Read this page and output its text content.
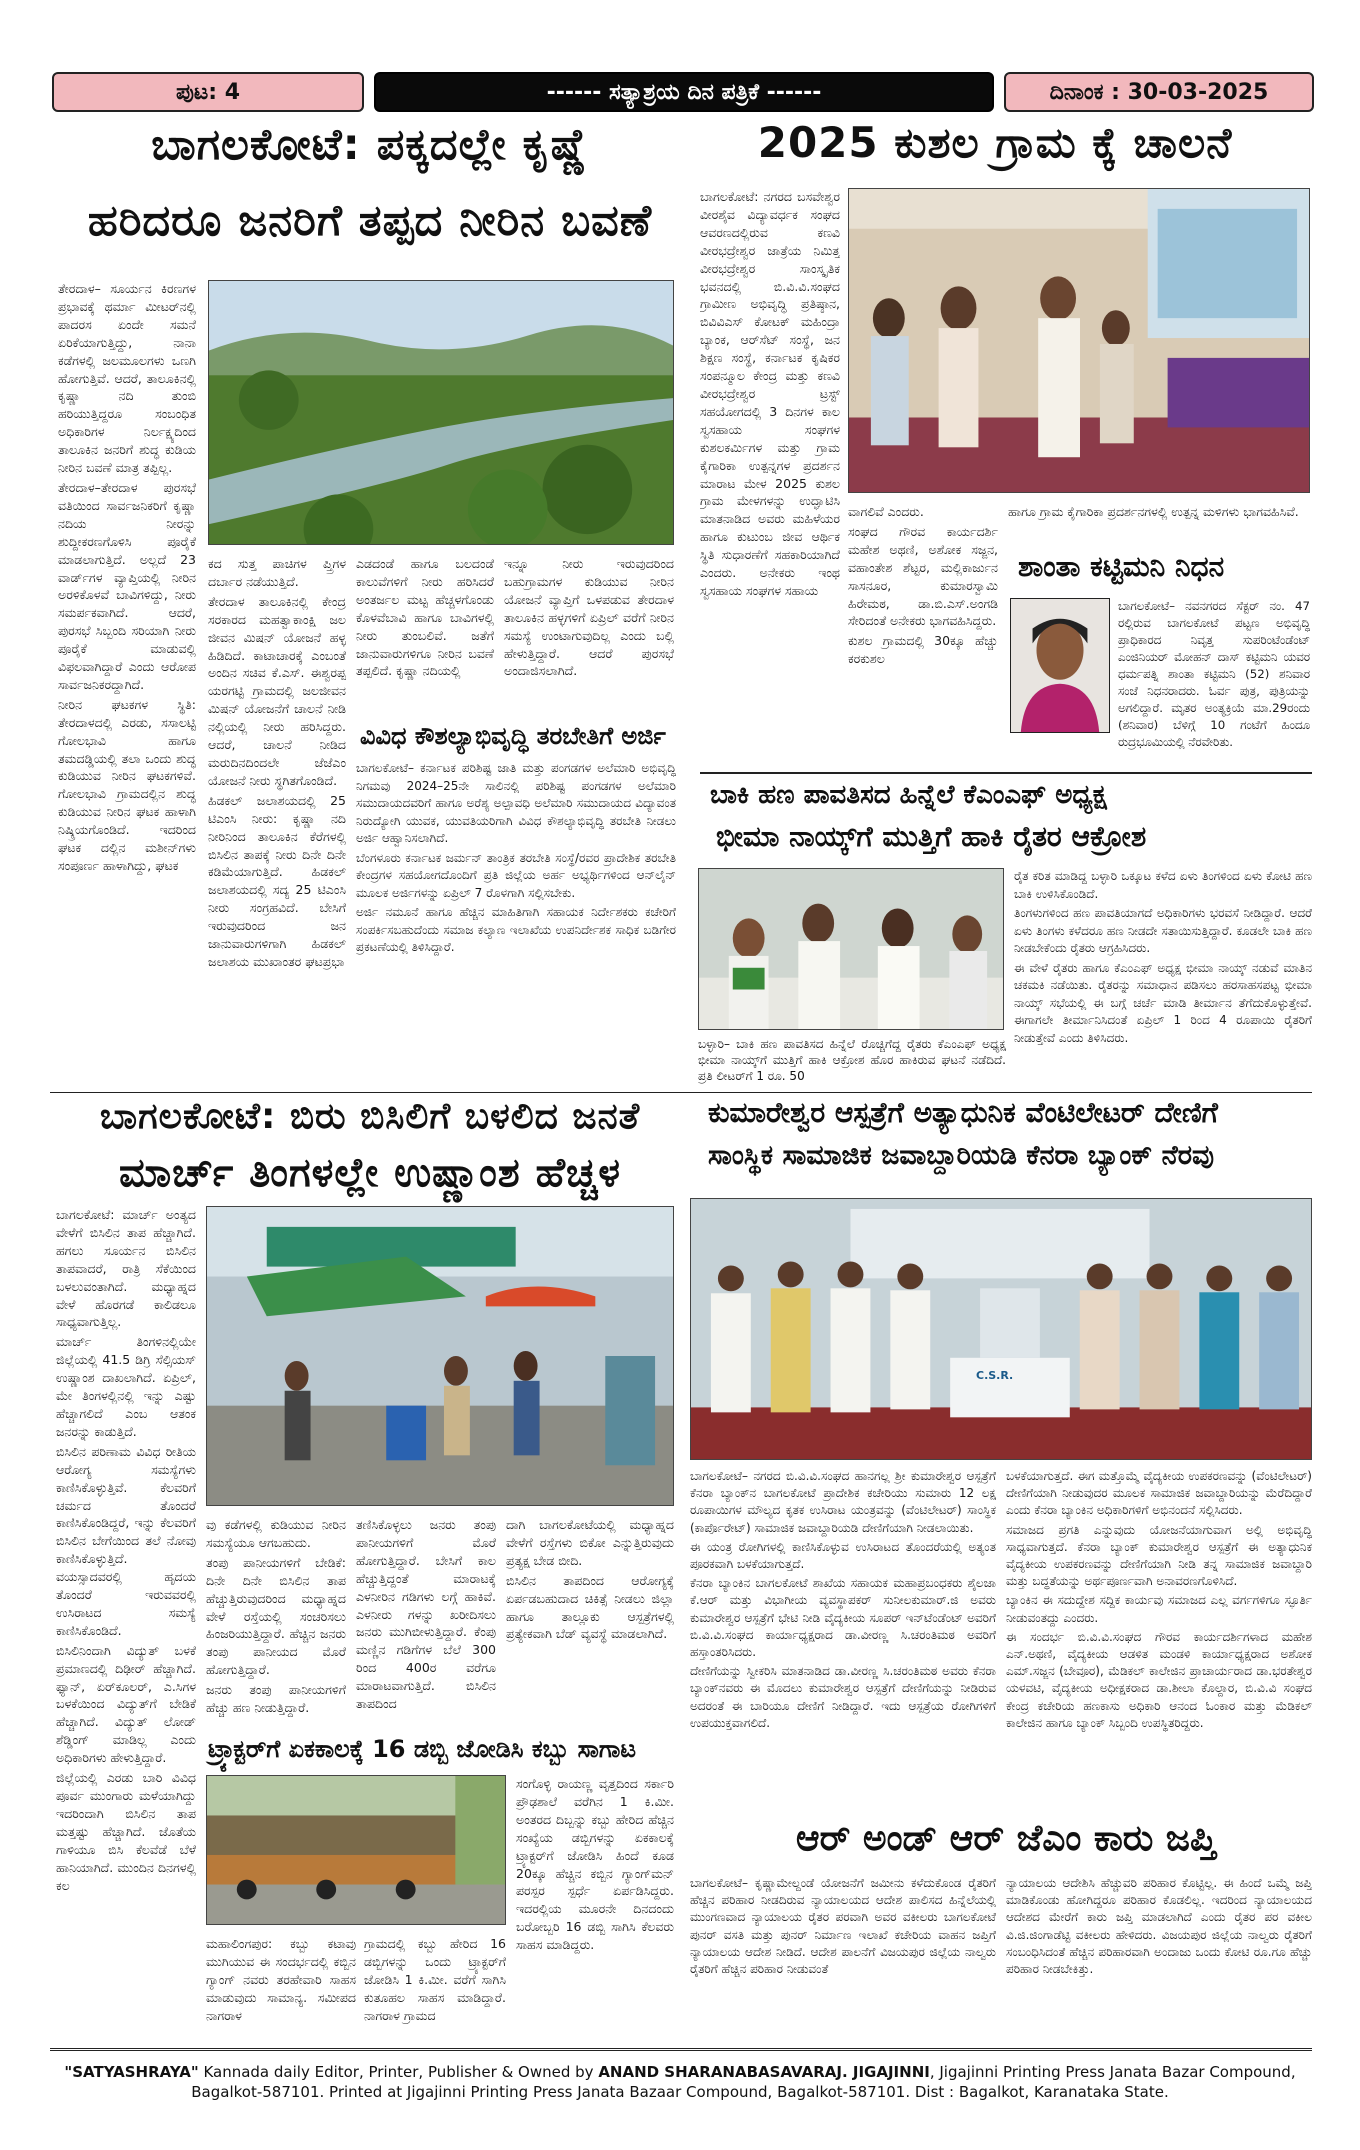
ಪುಟ: 4	------ ಸತ್ಯಾಶ್ರಯ ದಿನ ಪತ್ರಿಕೆ ------	ದಿನಾಂಕ : 30-03-2025
ಬಾಗಲಕೋಟೆ: ಪಕ್ಕದಲ್ಲೇ ಕೃಷ್ಣೆ
ಹರಿದರೂ ಜನರಿಗೆ ತಪ್ಪದ ನೀರಿನ ಬವಣೆ

ತೇರದಾಳ– ಸೂರ್ಯನ ಕಿರಣಗಳ ಪ್ರಭಾವಕ್ಕೆ ಥರ್ಮಾ ಮೀಟರ್‌ನಲ್ಲಿ ಪಾದರಸ ಏಂದೇ ಸಮನೆ ಏರಿಕೆಯಾಗುತ್ತಿದ್ದು, ನಾನಾ ಕಡೆಗಳಲ್ಲಿ ಜಲಮೂಲಗಳು ಒಣಗಿ ಹೋಗುತ್ತಿವೆ. ಆದರೆ, ತಾಲೂಕಿನಲ್ಲಿ ಕೃಷ್ಣಾ ನದಿ ತುಂಬಿ ಹರಿಯುತ್ತಿದ್ದರೂ ಸಂಬಂಧಿತ ಅಧಿಕಾರಿಗಳ ನಿರ್ಲಕ್ಷ್ಯದಿಂದ ತಾಲೂಕಿನ ಜನರಿಗೆ ಶುದ್ಧ ಕುಡಿಯ ನೀರಿನ ಬವಣೆ ಮಾತ್ರ ತಪ್ಪಿಲ್ಲ.

ತೇರದಾಳ–ತೇರದಾಳ ಪುರಸಭೆ ವತಿಯಿಂದ ಸಾರ್ವಜನಿಕರಿಗೆ ಕೃಷ್ಣಾ ನದಿಯ ನೀರನ್ನು ಶುದ್ದೀಕರಣಗೊಳಿಸಿ ಪೂರೈಕೆ ಮಾಡಲಾಗುತ್ತಿದೆ. ಅಲ್ಲದೆ 23 ವಾರ್ಡ್‌ಗಳ ವ್ಯಾಪ್ತಿಯಲ್ಲಿ ನೀರಿನ ಅರಳಿಕೊಳವೆ ಬಾವಿಗಳಿದ್ದು, ನೀರು ಸಮರ್ಪಕವಾಗಿದೆ. ಆದರೆ, ಪುರಸಭೆ ಸಿಬ್ಬಂದಿ ಸರಿಯಾಗಿ ನೀರು ಪೂರೈಕೆ ಮಾಡುವಲ್ಲಿ ವಿಫಲವಾಗಿದ್ದಾರೆ ಎಂದು ಆರೋಪ ಸಾರ್ವಜನಿಕರದ್ದಾಗಿದೆ.

ನೀರಿನ ಘಟಕಗಳ ಸ್ಥಿತಿ: ತೇರದಾಳದಲ್ಲಿ ಎರಡು, ಸಸಾಲಟ್ಟಿ ಗೋಲಭಾವಿ ಹಾಗೂ ತಮದಡ್ಡಿಯಲ್ಲಿ ತಲಾ ಒಂದು ಶುದ್ಧ ಕುಡಿಯುವ ನೀರಿನ ಘಟಕಗಳಿವೆ. ಗೋಲಭಾವಿ ಗ್ರಾಮದಲ್ಲಿನ ಶುದ್ಧ ಕುಡಿಯುವ ನೀರಿನ ಘಟಕ ಹಾಳಾಗಿ ನಿಷ್ಕ್ರಿಯಗೊಂಡಿದೆ. ಇದರಿಂದ ಘಟಕ ದಲ್ಲಿನ ಮಶೀನ್‌ಗಳು ಸಂಪೂರ್ಣ ಹಾಳಾಗಿದ್ದು, ಘಟಕ

ಕದ ಸುತ್ತ ಪಾಚಿಗಳ ಪ್ತ್ರಿಗಳ ದರ್ಬಾರ ನಡೆಯುತ್ತಿದೆ.

ತೇರದಾಳ ತಾಲೂಕಿನಲ್ಲಿ ಕೇಂದ್ರ ಸರಕಾರದ ಮಹತ್ವಾಕಾಂಕ್ಷಿ ಜಲ ಜೀವನ ಮಿಷನ್ ಯೋಜನೆ ಹಳ್ಳ ಹಿಡಿದಿದೆ. ಕಾಟಾಚಾರಕ್ಕೆ ಎಂಬಂತೆ ಅಂದಿನ ಸಚಿವ ಕೆ.ಎಸ್. ಈಶ್ವರಪ್ಪ ಯರಗಟ್ಟಿ ಗ್ರಾಮದಲ್ಲಿ ಜಲಜೀವನ ಮಿಷನ್ ಯೋಜನೆಗೆ ಚಾಲನೆ ನೀಡಿ ನಲ್ಲಿಯಲ್ಲಿ ನೀರು ಹರಿಸಿದ್ದರು. ಆದರೆ, ಚಾಲನೆ ನೀಡಿದ ಮರುದಿನದಿಂದಲೇ ಜೆಜೆಎಂ ಯೋಜನೆ ನೀರು ಸ್ಥಗಿತಗೊಂಡಿದೆ.

ಹಿಡಕಲ್ ಜಲಾಶಯದಲ್ಲಿ 25 ಟಿಎಂಸಿ ನೀರು: ಕೃಷ್ಣಾ ನದಿ ನೀರಿನಿಂದ ತಾಲೂಕಿನ ಕೆರೆಗಳಲ್ಲಿ ಬಿಸಿಲಿನ ತಾಪಕ್ಕೆ ನೀರು ದಿನೇ ದಿನೇ ಕಡಿಮೆಯಾಗುತ್ತಿದೆ. ಹಿಡಕಲ್ ಜಲಾಶಯದಲ್ಲಿ ಸದ್ಯ 25 ಟಿಎಂಸಿ ನೀರು ಸಂಗ್ರಹವಿದೆ. ಬೇಸಿಗೆ ಇರುವುದರಿಂದ ಜನ ಜಾನುವಾರುಗಳಿಗಾಗಿ ಹಿಡಕಲ್ ಜಲಾಶಯ ಮುಖಾಂತರ ಘಟಪ್ರಭಾ

ಎಡದಂಡೆ ಹಾಗೂ ಬಲದಂಡೆ ಕಾಲುವೆಗಳಿಗೆ ನೀರು ಹರಿಸಿದರೆ ಅಂತರ್ಜಲ ಮಟ್ಟ ಹೆಚ್ಚಳಗೊಂಡು ಕೊಳವೆಬಾವಿ ಹಾಗೂ ಬಾವಿಗಳಲ್ಲಿ ನೀರು ತುಂಬಲಿವೆ. ಜತೆಗೆ ಜಾನುವಾರುಗಳಿಗೂ ನೀರಿನ ಬವಣೆ ತಪ್ಪಲಿದೆ. ಕೃಷ್ಣಾ ನದಿಯಲ್ಲಿ

ಇನ್ನೂ ನೀರು ಇರುವುದರಿಂದ ಬಹುಗ್ರಾಮಗಳ ಕುಡಿಯುವ ನೀರಿನ ಯೋಜನೆ ವ್ಯಾಪ್ತಿಗೆ ಒಳಪಡುವ ತೇರದಾಳ ತಾಲೂಕಿನ ಹಳ್ಳಗಳಿಗೆ ಏಪ್ರಿಲ್ ವರೆಗೆ ನೀರಿನ ಸಮಸ್ಯೆ ಉಂಟಾಗುವುದಿಲ್ಲ ಎಂದು ಬಲ್ಲಿ ಹೇಳುತ್ತಿದ್ದಾರೆ. ಆದರೆ ಪುರಸಭೆ ಅಂದಾಜಿಸಲಾಗಿದೆ.

ವಿವಿಧ ಕೌಶಲ್ಯಾಭಿವೃದ್ಧಿ ತರಬೇತಿಗೆ ಅರ್ಜಿ

ಬಾಗಲಕೋಟೆ– ಕರ್ನಾಟಕ ಪರಿಶಿಷ್ಟ ಜಾತಿ ಮತ್ತು ಪಂಗಡಗಳ ಅಲೆಮಾರಿ ಅಭಿವೃದ್ಧಿ ನಿಗಮವು 2024–25ನೇ ಸಾಲಿನಲ್ಲಿ ಪರಿಶಿಷ್ಟ ಪಂಗಡಗಳ ಅಲೆಮಾರಿ ಸಮುದಾಯದವರಿಗೆ ಹಾಗೂ ಅರೆಶ್ಯ ಅಲ್ಪಾವಧಿ ಅಲೆಮಾರಿ ಸಮುದಾಯದ ವಿದ್ಯಾವಂತ ನಿರುದ್ಯೋಗಿ ಯುವಕ, ಯುವತಿಯರಿಗಾಗಿ ವಿವಿಧ ಕೌಶಲ್ಯಾಭಿವೃದ್ಧಿ ತರಬೇತಿ ನೀಡಲು ಅರ್ಜಿ ಆಹ್ವಾನಿಸಲಾಗಿದೆ.

ಬೆಂಗಳೂರು ಕರ್ನಾಟಕ ಜರ್ಮನ್ ತಾಂತ್ರಿಕ ತರಬೇತಿ ಸಂಸ್ಥೆ/ರವರ ಪ್ರಾದೇಶಿಕ ತರಬೇತಿ ಕೇಂದ್ರಗಳ ಸಹಯೋಗದೊಂದಿಗೆ ಪ್ರತಿ ಜಿಲ್ಲೆಯ ಅರ್ಹ ಅಭ್ಯರ್ಥಿಗಳಿಂದ ಆನ್‌ಲೈನ್ ಮೂಲಕ ಅರ್ಜಿಗಳನ್ನು ಏಪ್ರಿಲ್ 7 ರೊಳಗಾಗಿ ಸಲ್ಲಿಸಬೇಕು.

ಅರ್ಜಿ ನಮೂನೆ ಹಾಗೂ ಹೆಚ್ಚಿನ ಮಾಹಿತಿಗಾಗಿ ಸಹಾಯಕ ನಿರ್ದೇಶಕರು ಕಚೇರಿಗೆ ಸಂಪರ್ಕಿಸಬಹುದೆಂದು ಸಮಾಜ ಕಲ್ಯಾಣ ಇಲಾಖೆಯ ಉಪನಿರ್ದೇಶಕ ಸಾಧಿಕ ಬಡಿಗೇರ ಪ್ರಕಟಣೆಯಲ್ಲಿ ತಿಳಿಸಿದ್ದಾರೆ.

2025 ಕುಶಲ ಗ್ರಾಮ ಕ್ಕೆ ಚಾಲನೆ

ಬಾಗಲಕೋಟೆ: ನಗರದ ಬಸವೇಶ್ವರ ವೀರಶೈವ ವಿದ್ಯಾವರ್ಧಕ ಸಂಘದ ಆವರಣದಲ್ಲಿರುವ ಕಣವಿ ವೀರಭದ್ರೇಶ್ವರ ಜಾತ್ರೆಯ ನಿಮಿತ್ತ ವೀರಭದ್ರೇಶ್ವರ ಸಾಂಸ್ಕೃತಿಕ ಭವನದಲ್ಲಿ ಬಿ.ವಿ.ವಿ.ಸಂಘದ ಗ್ರಾಮೀಣ ಅಭಿವೃದ್ಧಿ ಪ್ರತಿಷ್ಠಾನ, ಬಿವಿವಿಎಸ್ ಕೋಟಕ್ ಮಹಿಂದ್ರಾ ಬ್ಯಾಂಕ, ಆರ್‌ಸೆಟ್ ಸಂಸ್ಥೆ, ಜನ ಶಿಕ್ಷಣ ಸಂಸ್ಥೆ, ಕರ್ನಾಟಕ ಕೃಷಿಕರ ಸಂಪನ್ಮೂಲ ಕೇಂದ್ರ ಮತ್ತು ಕಣವಿ ವೀರಭದ್ರೇಶ್ವರ ಟ್ರಸ್ಟ್ ಸಹಯೋಗದಲ್ಲಿ 3 ದಿನಗಳ ಕಾಲ ಸ್ವಸಹಾಯ ಸಂಘಗಳ ಕುಶಲಕರ್ಮಿಗಳ ಮತ್ತು ಗ್ರಾಮ ಕೈಗಾರಿಕಾ ಉತ್ಪನ್ನಗಳ ಪ್ರದರ್ಶನ ಮಾರಾಟ ಮೇಳ 2025 ಕುಶಲ ಗ್ರಾಮ ಮೇಳಗಳನ್ನು ಉದ್ಘಾಟಿಸಿ ಮಾತನಾಡಿದ ಅವರು ಮಹಿಳೆಯರ ಹಾಗೂ ಕುಟುಂಬ ಜೀವ ಆರ್ಥಿಕ ಸ್ಥಿತಿ ಸುಧಾರಣೆಗೆ ಸಹಕಾರಿಯಾಗಿದೆ ಎಂದರು. ಅನೇಕರು ಇಂಥ ಸ್ವಸಹಾಯ ಸಂಘಗಳ ಸಹಾಯ

ವಾಗಲಿವೆ ಎಂದರು.

ಸಂಘದ ಗೌರವ ಕಾರ್ಯದರ್ಶಿ ಮಹೇಶ ಅಥಣಿ, ಅಶೋಕ ಸಜ್ಜನ, ವಹಾಂತೇಶ ಶೆಟ್ಟರ, ಮಲ್ಲಿಕಾರ್ಜುನ ಸಾಸನೂರ, ಕುಮಾರಸ್ವಾಮಿ ಹಿರೇಮಠ, ಡಾ.ಬಿ.ಎಸ್.ಅಂಗಡಿ ಸೇರಿದಂತೆ ಅನೇಕರು ಭಾಗವಹಿಸಿದ್ದರು.

ಕುಶಲ ಗ್ರಾಮದಲ್ಲಿ 30ಕ್ಕೂ ಹೆಚ್ಚು ಕರಕುಶಲ

ಹಾಗೂ ಗ್ರಾಮ ಕೈಗಾರಿಕಾ ಪ್ರದರ್ಶನಗಳಲ್ಲಿ ಉತ್ಪನ್ನ ಮಳಿಗಳು ಭಾಗವಹಿಸಿವೆ.

ಶಾಂತಾ ಕಟ್ಟಿಮನಿ ನಿಧನ

ಬಾಗಲಕೋಟೆ– ನವನಗರದ ಸೆಕ್ಟರ್ ನಂ. 47 ರಲ್ಲಿರುವ ಬಾಗಲಕೋಟೆ ಪಟ್ಟಣ ಅಭಿವೃದ್ಧಿ ಪ್ರಾಧಿಕಾರದ ನಿವೃತ್ತ ಸುಪರಿಂಟೆಂಡೆಂಟ್ ಎಂಜಿನಿಯರ್ ಮೋಹನ್ ದಾಸ್ ಕಟ್ಟಿಮನಿ ಯವರ ಧರ್ಮಪತ್ನಿ ಶಾಂತಾ ಕಟ್ಟಿಮನಿ (52) ಶನಿವಾರ ಸಂಜೆ ನಿಧನರಾದರು. ಓರ್ವ ಪುತ್ರ, ಪುತ್ರಿಯನ್ನು ಅಗಲಿದ್ದಾರೆ. ಮೃತರ ಅಂತ್ಯಕ್ರಿಯೆ ಮಾ.29ರಂದು (ಶನಿವಾರ) ಬೆಳಿಗ್ಗೆ 10 ಗಂಟೆಗೆ ಹಿಂದೂ ರುದ್ರಭೂಮಿಯಲ್ಲಿ ನೆರವೇರಿತು.

ಬಾಕಿ ಹಣ ಪಾವತಿಸದ ಹಿನ್ನೆಲೆ ಕೆಎಂಎಫ್ ಅಧ್ಯಕ್ಷ
ಭೀಮಾ ನಾಯ್ಕ್‌ಗೆ ಮುತ್ತಿಗೆ ಹಾಕಿ ರೈತರ ಆಕ್ರೋಶ

ರೈತ ಕರಿತ ಮಾಡಿದ್ದ ಬಳ್ಳಾರಿ ಒಕ್ಕೂಟ ಕಳೆದ ಏಳು ತಿಂಗಳಿಂದ ಏಳು ಕೋಟಿ ಹಣ ಬಾಕಿ ಉಳಿಸಿಕೊಂಡಿದೆ.

ತಿಂಗಳುಗಳಿಂದ ಹಣ ಪಾವತಿಯಾಗದೆ ಅಧಿಕಾರಿಗಳು ಭರವಸೆ ನೀಡಿದ್ದಾರೆ. ಆದರೆ ಏಳು ತಿಂಗಳು ಕಳೆದರೂ ಹಣ ನೀಡದೇ ಸತಾಯಿಸುತ್ತಿದ್ದಾರೆ. ಕೂಡಲೇ ಬಾಕಿ ಹಣ ನೀಡಬೇಕೆಂದು ರೈತರು ಆಗ್ರಹಿಸಿದರು.

ಈ ವೇಳೆ ರೈತರು ಹಾಗೂ ಕೆಎಂಎಫ್ ಅಧ್ಯಕ್ಷ ಭೀಮಾ ನಾಯ್ಕ್ ನಡುವೆ ಮಾತಿನ ಚಕಮಕಿ ನಡೆಯಿತು. ರೈತರನ್ನು ಸಮಾಧಾನ ಪಡಿಸಲು ಹರಸಾಹಸಪಟ್ಟ ಭೀಮಾ ನಾಯ್ಕ್ ಸಭೆಯಲ್ಲಿ ಈ ಬಗ್ಗೆ ಚರ್ಚೆ ಮಾಡಿ ತೀರ್ಮಾನ ತೆಗೆದುಕೊಳ್ಳುತ್ತೇವೆ. ಈಗಾಗಲೇ ತೀರ್ಮಾನಿಸಿದಂತೆ ಏಪ್ರಿಲ್ 1 ರಿಂದ 4 ರೂಪಾಯಿ ರೈತರಿಗೆ ನೀಡುತ್ತೇವೆ ಎಂದು ತಿಳಿಸಿದರು.

ಬಳ್ಳಾರಿ– ಬಾಕಿ ಹಣ ಪಾವತಿಸದ ಹಿನ್ನೆಲೆ ರೊಚ್ಚಿಗೆದ್ದ ರೈತರು ಕೆಎಂಎಫ್ ಅಧ್ಯಕ್ಷ ಭೀಮಾ ನಾಯ್ಕ್‌ಗೆ ಮುತ್ತಿಗೆ ಹಾಕಿ ಆಕ್ರೋಶ ಹೊರ ಹಾಕಿರುವ ಘಟನೆ ನಡೆದಿದೆ. ಪ್ರತಿ ಲೀಟರ್‌ಗೆ 1 ರೂ. 50
ಬಾಗಲಕೋಟೆ: ಬಿರು ಬಿಸಿಲಿಗೆ ಬಳಲಿದ ಜನತೆ
ಮಾರ್ಚ್ ತಿಂಗಳಲ್ಲೇ ಉಷ್ಣಾಂಶ ಹೆಚ್ಚಳ

ಬಾಗಲಕೋಟೆ: ಮಾರ್ಚ್ ಅಂತ್ಯದ ವೇಳೆಗೆ ಬಿಸಿಲಿನ ತಾಪ ಹೆಚ್ಚಾಗಿದೆ. ಹಗಲು ಸೂರ್ಯನ ಬಿಸಿಲಿನ ತಾಪವಾದರೆ, ರಾತ್ರಿ ಸೆಕೆಯಿಂದ ಬಳಲುವಂತಾಗಿದೆ. ಮಧ್ಯಾಹ್ನದ ವೇಳೆ ಹೊರಗಡೆ ಕಾಲಿಡಲೂ ಸಾಧ್ಯವಾಗುತ್ತಿಲ್ಲ.

ಮಾರ್ಚ್ ತಿಂಗಳಿನಲ್ಲಿಯೇ ಜಿಲ್ಲೆಯಲ್ಲಿ 41.5 ಡಿಗ್ರಿ ಸೆಲ್ಸಿಯಸ್ ಉಷ್ಣಾಂಶ ದಾಖಲಾಗಿದೆ. ಏಪ್ರಿಲ್, ಮೇ ತಿಂಗಳಲ್ಲಿನಲ್ಲಿ ಇನ್ನು ಎಷ್ಟು ಹೆಚ್ಚಾಗಲಿದೆ ಎಂಬ ಆತಂಕ ಜನರನ್ನು ಕಾಡುತ್ತಿದೆ.

ಬಿಸಿಲಿನ ಪರಿಣಾಮ ವಿವಿಧ ರೀತಿಯ ಆರೋಗ್ಯ ಸಮಸ್ಯೆಗಳು ಕಾಣಿಸಿಕೊಳ್ಳುತ್ತಿವೆ. ಕೆಲವರಿಗೆ ಚರ್ಮದ ತೊಂದರೆ ಕಾಣಿಸಿಕೊಂಡಿದ್ದರೆ, ಇನ್ನು ಕೆಲವರಿಗೆ ಬಿಸಿಲಿನ ಬೇಗೆಯಿಂದ ತಲೆ ನೋವು ಕಾಣಿಸಿಕೊಳ್ಳುತ್ತಿದೆ. ವಯಸ್ಸಾದವರಲ್ಲಿ ಹೃದಯ ತೊಂದರೆ ಇರುವವರಲ್ಲಿ ಉಸಿರಾಟದ ಸಮಸ್ಯೆ ಕಾಣಿಸಿಕೊಂಡಿದೆ.

ಬಿಸಿಲಿನಿಂದಾಗಿ ವಿದ್ಯುತ್ ಬಳಕೆ ಪ್ರಮಾಣದಲ್ಲಿ ದಿಢೀರ್ ಹೆಚ್ಚಾಗಿದೆ. ಫ್ಯಾನ್, ಏರ್‌ಕೂಲರ್, ಎ.ಸಿಗಳ ಬಳಕೆಯಿಂದ ವಿದ್ಯುತ್‌ಗೆ ಬೇಡಿಕೆ ಹೆಚ್ಚಾಗಿದೆ. ವಿದ್ಯುತ್ ಲೋಡ್ ಶೆಡ್ಡಿಂಗ್ ಮಾಡಿಲ್ಲ ಎಂದು ಅಧಿಕಾರಿಗಳು ಹೇಳುತ್ತಿದ್ದಾರೆ.

ಜಿಲ್ಲೆಯಲ್ಲಿ ಎರಡು ಬಾರಿ ವಿವಿಧ ಪೂರ್ವ ಮುಂಗಾರು ಮಳೆಯಾಗಿದ್ದು ಇದರಿಂದಾಗಿ ಬಿಸಿಲಿನ ತಾಪ ಮತ್ತಷ್ಟು ಹೆಚ್ಚಾಗಿದೆ. ಜೊತೆಯ ಗಾಳಿಯೂ ಬಿಸಿ ಕೆಲವೆಡೆ ಬೆಳೆ ಹಾನಿಯಾಗಿದೆ. ಮುಂದಿನ ದಿನಗಳಲ್ಲಿ ಕಲ

ವು ಕಡೆಗಳಲ್ಲಿ ಕುಡಿಯುವ ನೀರಿನ ಸಮಸ್ಯೆಯೂ ಆಗಬಹುದು.

ತಂಪು ಪಾನೀಯಗಳಿಗೆ ಬೇಡಿಕೆ: ದಿನೇ ದಿನೇ ಬಿಸಿಲಿನ ತಾಪ ಹೆಚ್ಚುತ್ತಿರುವುದರಿಂದ ಮಧ್ಯಾಹ್ನದ ವೇಳೆ ರಸ್ತೆಯಲ್ಲಿ ಸಂಚರಿಸಲು ಹಿಂಜರಿಯುತ್ತಿದ್ದಾರೆ. ಹೆಚ್ಚಿನ ಜನರು ತಂಪು ಪಾನೀಯದ ಮೊರೆ ಹೋಗುತ್ತಿದ್ದಾರೆ.

ಜನರು ತಂಪು ಪಾನೀಯಗಳಿಗೆ ಹೆಚ್ಚು ಹಣ ನೀಡುತ್ತಿದ್ದಾರೆ.

ತಣಿಸಿಕೊಳ್ಳಲು ಜನರು ತಂಪು ಪಾನೀಯಗಳಿಗೆ ಮೊರೆ ಹೋಗುತ್ತಿದ್ದಾರೆ. ಬೇಸಿಗೆ ಕಾಲ ಹೆಚ್ಚುತ್ತಿದ್ದಂತೆ ಮಾರಾಟಕ್ಕೆ ಎಳನೀರಿನ ಗಡಿಗಳು ಲಗ್ಗೆ ಹಾಕಿವೆ. ಎಳನೀರು ಗಳನ್ನು ಖರೀದಿಸಲು ಜನರು ಮುಗಿಬೀಳುತ್ತಿದ್ದಾರೆ. ಕೆಂಪು ಮಣ್ಣಿನ ಗಡಿಗೆಗಳ ಬೆಲೆ 300 ರಿಂದ 400ರ ವರೆಗೂ ಮಾರಾಟವಾಗುತ್ತಿದೆ. ಬಿಸಿಲಿನ ತಾಪದಿಂದ

ದಾಗಿ ಬಾಗಲಕೋಟೆಯಲ್ಲಿ ಮಧ್ಯಾಹ್ನದ ವೇಳೆಗೆ ರಸ್ತೆಗಳು ಬಿಕೋ ಎನ್ನುತ್ತಿರುವುದು ಪ್ರತ್ಯಕ್ಷ ಬೇಡ ಬೀದಿ.

ಬಿಸಿಲಿನ ತಾಪದಿಂದ ಆರೋಗ್ಯಕ್ಕೆ ಏರ್ಪಡಬಹುದಾದ ಚಿಕಿತ್ಸೆ ನೀಡಲು ಜಿಲ್ಲಾ ಹಾಗೂ ತಾಲ್ಲೂಕು ಆಸ್ಪತ್ರೆಗಳಲ್ಲಿ ಪ್ರತ್ಯೇಕವಾಗಿ ಬೆಡ್ ವ್ಯವಸ್ಥೆ ಮಾಡಲಾಗಿದೆ.

ಟ್ರ್ಯಾಕ್ಟರ್‌ಗೆ ಏಕಕಾಲಕ್ಕೆ 16 ಡಬ್ಬಿ ಜೋಡಿಸಿ ಕಬ್ಬು ಸಾಗಾಟ

ಸಂಗೊಳ್ಳಿ ರಾಯಣ್ಣ ವೃತ್ತದಿಂದ ಸರ್ಕಾರಿ ಪ್ರೌಢಶಾಲೆ ವರೆಗಿನ 1 ಕಿ.ಮೀ. ಅಂತರದ ದಿಬ್ಬನ್ನು ಕಬ್ಬು ಹೇರಿದ ಹೆಚ್ಚಿನ ಸಂಖ್ಯೆಯ ಡಬ್ಬಿಗಳನ್ನು ಏಕಕಾಲಕ್ಕೆ ಟ್ರ್ಯಾಕ್ಟರ್‌ಗೆ ಜೋಡಿಸಿ ಹಿಂದೆ ಕೂಡ 20ಕ್ಕೂ ಹೆಚ್ಚಿನ ಕಬ್ಬಿನ ಗ್ಯಾಂಗ್‌ಮನ್‌ ಪರಸ್ಪರ ಸ್ಪರ್ಧೆ ಏರ್ಪಡಿಸಿದ್ದರು. ಇದರಲ್ಲಿಯ ಮೂರನೇ ದಿನದಂದು ಬರೋಬ್ಬರಿ 16 ಡಬ್ಬಿ ಸಾಗಿಸಿ ಕೆಲವರು ಸಾಹಸ ಮಾಡಿದ್ದರು.

ಮಹಾಲಿಂಗಪುರ: ಕಬ್ಬು ಕಟಾವು ಮುಗಿಯುವ ಈ ಸಂದರ್ಭದಲ್ಲಿ ಕಬ್ಬಿನ ಗ್ಯಾಂಗ್ ನವರು ತರಹೇವಾರಿ ಸಾಹಸ ಮಾಡುವುದು ಸಾಮಾನ್ಯ. ಸಮೀಪದ ನಾಗರಾಳ

ಗ್ರಾಮದಲ್ಲಿ ಕಬ್ಬು ಹೇರಿದ 16 ಡಬ್ಬಿಗಳನ್ನು ಒಂದು ಟ್ರ್ಯಾಕ್ಟರ್‌ಗೆ ಜೋಡಿಸಿ 1 ಕಿ.ಮೀ. ವರೆಗೆ ಸಾಗಿಸಿ ಕುತೂಹಲ ಸಾಹಸ ಮಾಡಿದ್ದಾರೆ. ನಾಗರಾಳ ಗ್ರಾಮದ

ಕುಮಾರೇಶ್ವರ ಆಸ್ಪತ್ರೆಗೆ ಅತ್ಯಾಧುನಿಕ ವೆಂಟಿಲೇಟರ್ ದೇಣಿಗೆ
ಸಾಂಸ್ಥಿಕ ಸಾಮಾಜಿಕ ಜವಾಬ್ದಾರಿಯಡಿ ಕೆನರಾ ಬ್ಯಾಂಕ್ ನೆರವು
C.S.R.

ಬಾಗಲಕೋಟೆ– ನಗರದ ಬಿ.ವಿ.ವಿ.ಸಂಘದ ಹಾನಗಲ್ಲ ಶ್ರೀ ಕುಮಾರೇಶ್ವರ ಆಸ್ಪತ್ರೆಗೆ ಕೆನರಾ ಬ್ಯಾಂಕ್‌ನ ಬಾಗಲಕೋಟೆ ಪ್ರಾದೇಶಿಕ ಕಚೇರಿಯು ಸುಮಾರು 12 ಲಕ್ಷ ರೂಪಾಯಿಗಳ ಮೌಲ್ಯದ ಕೃತಕ ಉಸಿರಾಟ ಯಂತ್ರವನ್ನು (ವೆಂಟಿಲೇಟರ್) ಸಾಂಸ್ಥಿಕ (ಕಾರ್ಪೊರೇಟ್) ಸಾಮಾಜಿಕ ಜವಾಬ್ದಾರಿಯಡಿ ದೇಣಿಗೆಯಾಗಿ ನೀಡಲಾಯಿತು.

ಈ ಯಂತ್ರ ರೋಗಿಗಳಲ್ಲಿ ಕಾಣಿಸಿಕೊಳ್ಳುವ ಉಸಿರಾಟದ ತೊಂದರೆಯಲ್ಲಿ ಅತ್ಯಂತ ಪೂರಕವಾಗಿ ಬಳಕೆಯಾಗುತ್ತದೆ.

ಕೆನರಾ ಬ್ಯಾಂಕಿನ ಬಾಗಲಕೋಟೆ ಶಾಖೆಯ ಸಹಾಯಕ ಮಹಾಪ್ರಬಂಧಕರು ಶೈಲಜಾ ಕೆ.ಆರ್ ಮತ್ತು ವಿಭಾಗೀಯ ವ್ಯವಸ್ಥಾಪಕರ್ ಸುನೀಲಕುಮಾರ್.ಜಿ ಅವರು ಕುಮಾರೇಶ್ವರ ಆಸ್ಪತ್ರೆಗೆ ಭೇಟಿ ನೀಡಿ ವೈದ್ಯಕೀಯ ಸೂಪರ್ ಇನ್‌ಟೆಂಡೆಂಟ್ ಅವರಿಗೆ ಬಿ.ವಿ.ವಿ.ಸಂಘದ ಕಾರ್ಯಾಧ್ಯಕ್ಷರಾದ ಡಾ.ವೀರಣ್ಣ ಸಿ.ಚರಂತಿಮಠ ಅವರಿಗೆ ಹಸ್ತಾಂತರಿಸಿದರು.

ದೇಣಿಗೆಯನ್ನು ಸ್ವೀಕರಿಸಿ ಮಾತನಾಡಿದ ಡಾ.ವೀರಣ್ಣ ಸಿ.ಚರಂತಿಮಠ ಅವರು ಕೆನರಾ ಬ್ಯಾಂಕ್‌ನವರು ಈ ಮೊದಲು ಕುಮಾರೇಶ್ವರ ಆಸ್ಪತ್ರೆಗೆ ದೇಣಿಗೆಯನ್ನು ನೀಡಿರುವ ಅದರಂತೆ ಈ ಬಾರಿಯೂ ದೇಣಿಗೆ ನೀಡಿದ್ದಾರೆ. ಇದು ಆಸ್ಪತ್ರೆಯ ರೋಗಿಗಳಿಗೆ ಉಪಯುಕ್ತವಾಗಲಿದೆ.

ಬಳಕೆಯಾಗುತ್ತದೆ. ಈಗ ಮತ್ತೊಮ್ಮೆ ವೈದ್ಯಕೀಯ ಉಪಕರಣವನ್ನು (ವೆಂಟಿಲೇಟರ್) ದೇಣಿಗೆಯಾಗಿ ನೀಡುವುದರ ಮೂಲಕ ಸಾಮಾಜಿಕ ಜವಾಬ್ದಾರಿಯನ್ನು ಮೆರೆದಿದ್ದಾರೆ ಎಂದು ಕೆನರಾ ಬ್ಯಾಂಕಿನ ಅಧಿಕಾರಿಗಳಿಗೆ ಅಭಿನಂದನೆ ಸಲ್ಲಿಸಿದರು.

ಸಮಾಜದ ಪ್ರಗತಿ ಎನ್ನುವುದು ಯೋಜನೆಯಾಗುವಾಗ ಅಲ್ಲಿ ಅಭಿವೃದ್ಧಿ ಸಾಧ್ಯವಾಗುತ್ತದೆ. ಕೆನರಾ ಬ್ಯಾಂಕ್ ಕುಮಾರೇಶ್ವರ ಆಸ್ಪತ್ರೆಗೆ ಈ ಅತ್ಯಾಧುನಿಕ ವೈದ್ಯಕೀಯ ಉಪಕರಣವನ್ನು ದೇಣಿಗೆಯಾಗಿ ನೀಡಿ ತನ್ನ ಸಾಮಾಜಿಕ ಜವಾಬ್ದಾರಿ ಮತ್ತು ಬದ್ಧತೆಯನ್ನು ಅರ್ಥಪೂರ್ಣವಾಗಿ ಅನಾವರಣಗೊಳಿಸಿದೆ.

ಬ್ಯಾಂಕಿನ ಈ ಸದುದ್ದೇಶ ಸದ್ದಿಕ ಕಾರ್ಯವು ಸಮಾಜದ ಎಲ್ಲ ವರ್ಗಗಳಿಗೂ ಸ್ಫೂರ್ತಿ ನೀಡುವಂತದ್ದು ಎಂದರು.

ಈ ಸಂದರ್ಭ ಬಿ.ವಿ.ವಿ.ಸಂಘದ ಗೌರವ ಕಾರ್ಯದರ್ಶಿಗಳಾದ ಮಹೇಶ ಎನ್.ಅಥಣಿ, ವೈದ್ಯಕೀಯ ಆಡಳಿತ ಮಂಡಳಿ ಕಾರ್ಯಾಧ್ಯಕ್ಷರಾದ ಅಶೋಕ ಎಮ್.ಸಜ್ಜನ (ಬೇವೂರ), ಮೆಡಿಕಲ್ ಕಾಲೇಜಿನ ಪ್ರಾಚಾರ್ಯರಾದ ಡಾ.ಭರತೇಶ್ವರ ಯಳವಟಿ, ವೈದ್ಯಕೀಯ ಅಧೀಕ್ಷಕರಾದ ಡಾ.ಶೀಲಾ ಕೊಲ್ದಾರ, ಬಿ.ವಿ.ವಿ ಸಂಘದ ಕೇಂದ್ರ ಕಚೇರಿಯ ಹಣಕಾಸು ಅಧಿಕಾರಿ ಆನಂದ ಓಂಕಾರ ಮತ್ತು ಮೆಡಿಕಲ್ ಕಾಲೇಜಿನ ಹಾಗೂ ಬ್ಯಾಂಕ್ ಸಿಬ್ಬಂದಿ ಉಪಸ್ಥಿತರಿದ್ದರು.

ಆರ್ ಅಂಡ್ ಆರ್ ಜೆಎಂ ಕಾರು ಜಪ್ತಿ

ಬಾಗಲಕೋಟೆ– ಕೃಷ್ಣಾಮೇಲ್ದಂಡೆ ಯೋಜನೆಗೆ ಜಮೀನು ಕಳೆದುಕೊಂಡ ರೈತರಿಗೆ ಹೆಚ್ಚಿನ ಪರಿಹಾರ ನೀಡದಿರುವ ನ್ಯಾಯಾಲಯದ ಆದೇಶ ಪಾಲಿಸದ ಹಿನ್ನೆಲೆಯಲ್ಲಿ ಮುಂಗಣವಾದ ನ್ಯಾಯಾಲಯ ರೈತರ ಪರವಾಗಿ ಅವರ ವಕೀಲರು ಬಾಗಲಕೋಟೆ ಪುನರ್ ವಸತಿ ಮತ್ತು ಪುನರ್ ನಿರ್ಮಾಣ ಇಲಾಖೆ ಕಚೇರಿಯ ವಾಹನ ಜಪ್ತಿಗೆ ನ್ಯಾಯಾಲಯ ಆದೇಶ ನೀಡಿದೆ. ಆದೇಶ ಪಾಲನೆಗೆ ವಿಜಯಪುರ ಜಿಲ್ಲೆಯ ನಾಲ್ವರು ರೈತರಿಗೆ ಹೆಚ್ಚಿನ ಪರಿಹಾರ ನೀಡುವಂತೆ

ನ್ಯಾಯಾಲಯ ಆದೇಶಿಸಿ ಹೆಚ್ಚುವರಿ ಪರಿಹಾರ ಕೊಟ್ಟಿಲ್ಲ. ಈ ಹಿಂದೆ ಒಮ್ಮೆ ಜಪ್ತಿ ಮಾಡಿಕೊಂಡು ಹೋಗಿದ್ದರೂ ಪರಿಹಾರ ಕೊಡಲಿಲ್ಲ. ಇದರಿಂದ ನ್ಯಾಯಾಲಯದ ಆದೇಶದ ಮೇರೆಗೆ ಕಾರು ಜಪ್ತಿ ಮಾಡಲಾಗಿದೆ ಎಂದು ರೈತರ ಪರ ವಕೀಲ ವಿ.ಜಿ.ಜಿಂಗಾಡೆಟ್ಟಿ ವಕೀಲರು ಹೇಳಿದರು. ವಿಜಯಪುರ ಜಿಲ್ಲೆಯ ನಾಲ್ವರು ರೈತರಿಗೆ ಸಂಬಂಧಿಸಿದಂತೆ ಹೆಚ್ಚಿನ ಪರಿಹಾರವಾಗಿ ಅಂದಾಜು ಒಂದು ಕೋಟಿ ರೂ.ಗೂ ಹೆಚ್ಚು ಪರಿಹಾರ ನೀಡಬೇಕಿತ್ತು.

"SATYASHRAYA" Kannada daily Editor, Printer, Publisher & Owned by ANAND SHARANABASAVARAJ. JIGAJINNI, Jigajinni Printing Press Janata Bazar Compound,
Bagalkot-587101. Printed at Jigajinni Printing Press Janata Bazaar Compound, Bagalkot-587101. Dist : Bagalkot, Karanataka State.
